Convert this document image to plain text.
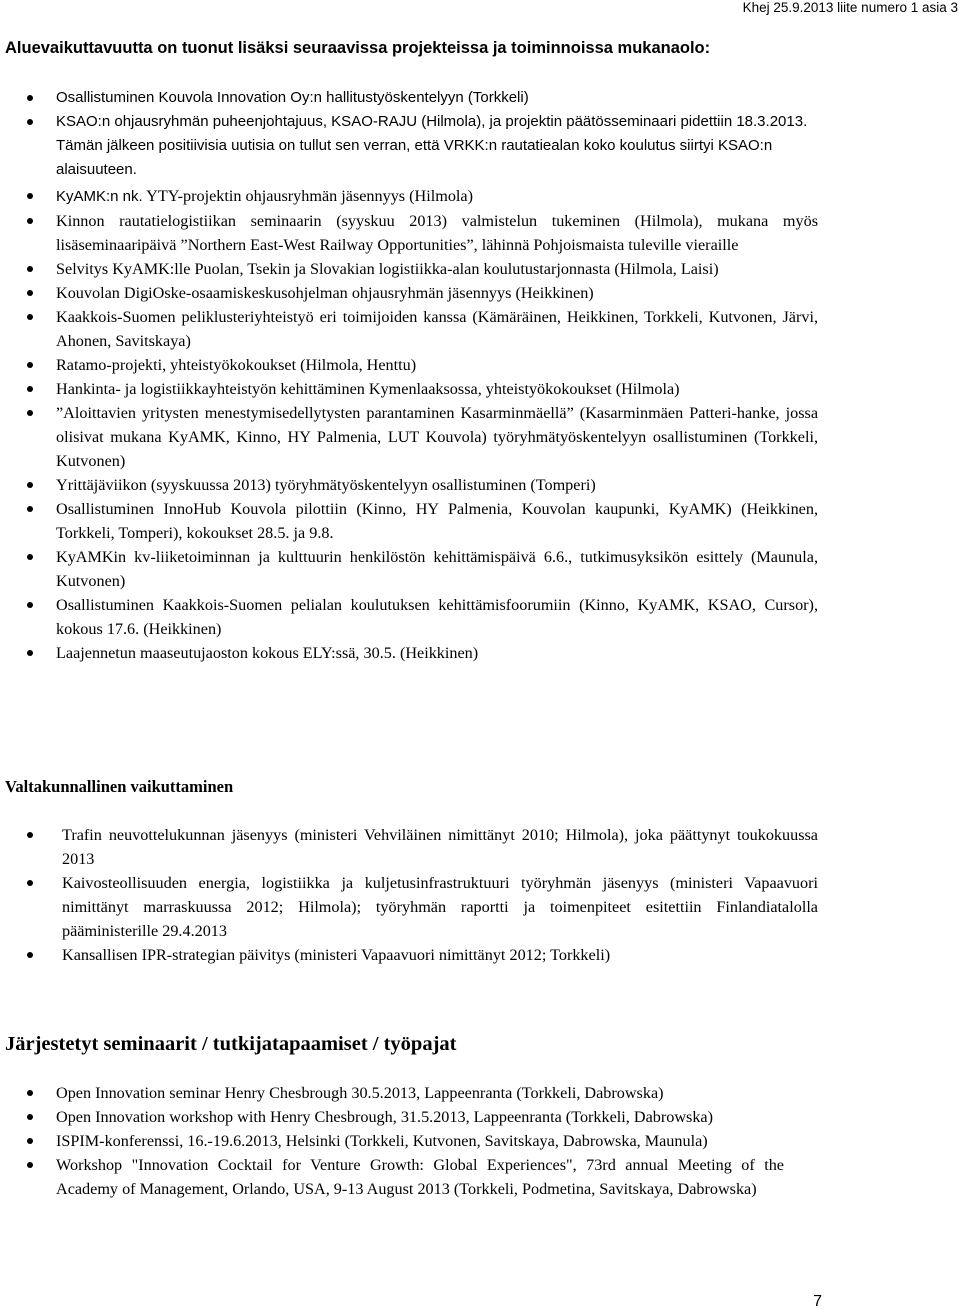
Khej 25.9.2013 liite numero 1 asia 3
Aluevaikuttavuutta on tuonut lisäksi seuraavissa projekteissa ja toiminnoissa mukanaolo:
Osallistuminen Kouvola Innovation Oy:n hallitustyöskentelyyn (Torkkeli)
KSAO:n ohjausryhmän puheenjohtajuus, KSAO-RAJU (Hilmola), ja projektin päätösseminaari pidettiin 18.3.2013. Tämän jälkeen positiivisia uutisia on tullut sen verran, että VRKK:n rautatiealan koko koulutus siirtyi KSAO:n alaisuuteen.
KyAMK:n nk. YTY-projektin ohjausryhmän jäsennyys (Hilmola)
Kinnon rautatielogistiikan seminaarin (syyskuu 2013) valmistelun tukeminen (Hilmola), mukana myös lisäseminaaripäivä ”Northern East-West Railway Opportunities”, lähinnä Pohjoismaista tuleville vieraille
Selvitys KyAMK:lle Puolan, Tsekin ja Slovakian logistiikka-alan koulutustarjonnasta (Hilmola, Laisi)
Kouvolan DigiOske-osaamiskeskusohjelman ohjausryhmän jäsennyys (Heikkinen)
Kaakkois-Suomen peliklusteriyhteistyö eri toimijoiden kanssa (Kämäräinen, Heikkinen, Torkkeli, Kutvonen, Järvi, Ahonen, Savitskaya)
Ratamo-projekti, yhteistyökokoukset (Hilmola, Henttu)
Hankinta- ja logistiikkayhteistyön kehittäminen Kymenlaaksossa, yhteistyökokoukset (Hilmola)
”Aloittavien yritysten menestymisedellytysten parantaminen Kasarminmäellä” (Kasarminmäen Patteri-hanke, jossa olisivat mukana KyAMK, Kinno, HY Palmenia, LUT Kouvola) työryhmätyöskentelyyn osallistuminen (Torkkeli, Kutvonen)
Yrittäjäviikon (syyskuussa 2013) työryhmätyöskentelyyn osallistuminen (Tomperi)
Osallistuminen InnoHub Kouvola pilottiin (Kinno, HY Palmenia, Kouvolan kaupunki, KyAMK) (Heikkinen, Torkkeli, Tomperi), kokoukset 28.5. ja 9.8.
KyAMKin kv-liiketoiminnan ja kulttuurin henkilöstön kehittämispäivä 6.6., tutkimusyksikön esittely (Maunula, Kutvonen)
Osallistuminen Kaakkois-Suomen pelialan koulutuksen kehittämisfoorumiin (Kinno, KyAMK, KSAO, Cursor), kokous 17.6. (Heikkinen)
Laajennetun maaseutujaoston kokous ELY:ssä, 30.5. (Heikkinen)
Valtakunnallinen vaikuttaminen
Trafin neuvottelukunnan jäsenyys (ministeri Vehviläinen nimittänyt 2010; Hilmola), joka päättynyt toukokuussa 2013
Kaivosteollisuuden energia, logistiikka ja kuljetusinfrastruktuuri työryhmän jäsenyys (ministeri Vapaavuori nimittänyt marraskuussa 2012; Hilmola); työryhmän raportti ja toimenpiteet esitettiin Finlandiatalolla pääministerille 29.4.2013
Kansallisen IPR-strategian päivitys (ministeri Vapaavuori nimittänyt 2012; Torkkeli)
Järjestetyt seminaarit / tutkijatapaamiset / työpajat
Open Innovation seminar Henry Chesbrough 30.5.2013, Lappeenranta (Torkkeli, Dabrowska)
Open Innovation workshop with Henry Chesbrough, 31.5.2013, Lappeenranta (Torkkeli, Dabrowska)
ISPIM-konferenssi, 16.-19.6.2013, Helsinki (Torkkeli, Kutvonen, Savitskaya, Dabrowska, Maunula)
Workshop "Innovation Cocktail for Venture Growth: Global Experiences", 73rd annual Meeting of the Academy of Management, Orlando, USA, 9-13 August 2013 (Torkkeli, Podmetina, Savitskaya, Dabrowska)
7
